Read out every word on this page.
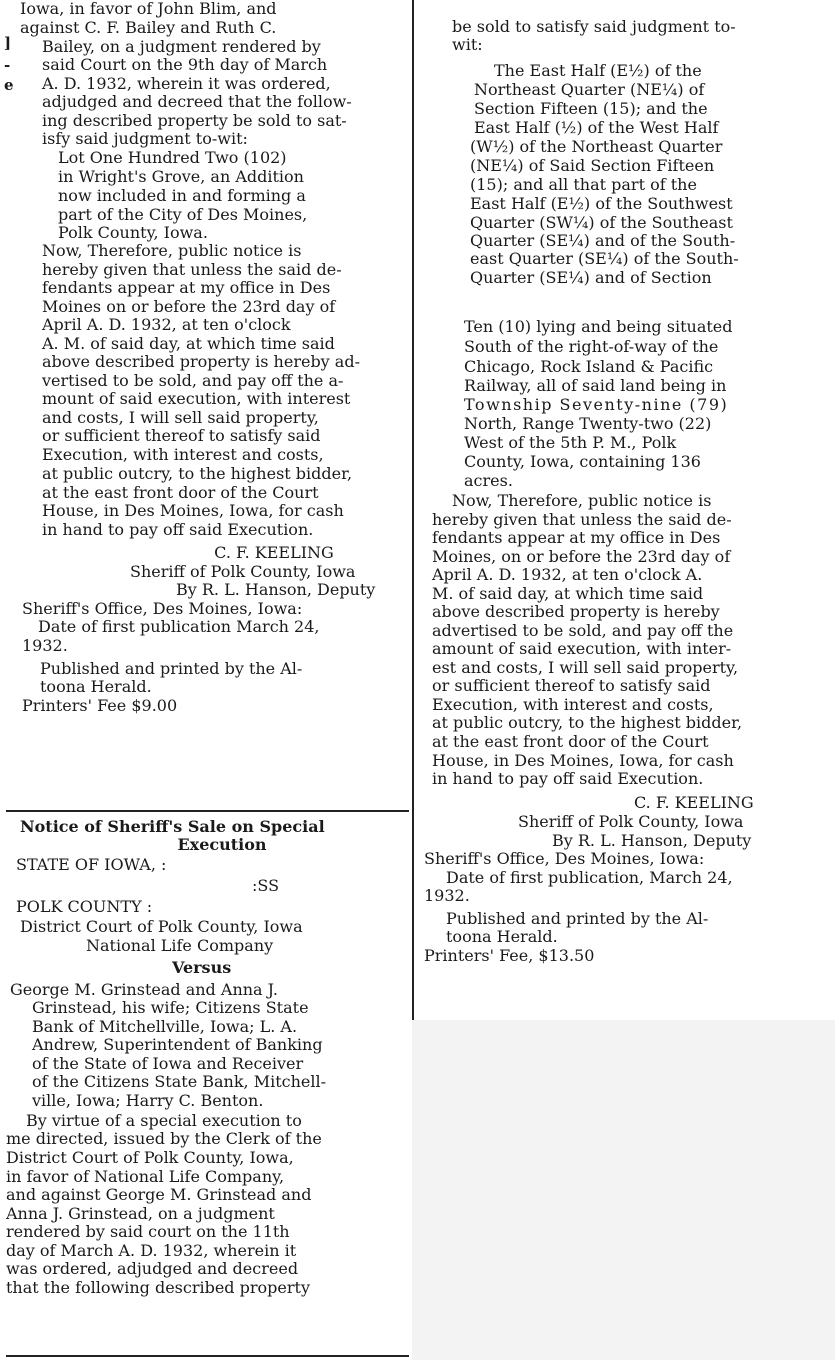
]
-
e
Iowa, in favor of John Blim, and
against C. F. Bailey and Ruth C.
Bailey, on a judgment rendered by
said Court on the 9th day of March
A. D. 1932, wherein it was ordered,
adjudged and decreed that the follow-
ing described property be sold to sat-
isfy said judgment to-wit:
Lot One Hundred Two (102)
in Wright's Grove, an Addition
now included in and forming a
part of the City of Des Moines,
Polk County, Iowa.
Now, Therefore, public notice is
hereby given that unless the said de-
fendants appear at my office in Des
Moines on or before the 23rd day of
April A. D. 1932, at ten o'clock
A. M. of said day, at which time said
above described property is hereby ad-
vertised to be sold, and pay off the a-
mount of said execution, with interest
and costs, I will sell said property,
or sufficient thereof to satisfy said
Execution, with interest and costs,
at public outcry, to the highest bidder,
at the east front door of the Court
House, in Des Moines, Iowa, for cash
in hand to pay off said Execution.
C. F. KEELING
Sheriff of Polk County, Iowa
By R. L. Hanson, Deputy
Sheriff's Office, Des Moines, Iowa:
Date of first publication March 24,
1932.
Published and printed by the Al-
toona Herald.
Printers' Fee $9.00
Notice of Sheriff's Sale on Special
Execution
STATE OF IOWA, :
:SS
POLK COUNTY :
District Court of Polk County, Iowa
National Life Company
Versus
George M. Grinstead and Anna J.
Grinstead, his wife; Citizens State
Bank of Mitchellville, Iowa; L. A.
Andrew, Superintendent of Banking
of the State of Iowa and Receiver
of the Citizens State Bank, Mitchell-
ville, Iowa; Harry C. Benton.
By virtue of a special execution to
me directed, issued by the Clerk of the
District Court of Polk County, Iowa,
in favor of National Life Company,
and against George M. Grinstead and
Anna J. Grinstead, on a judgment
rendered by said court on the 11th
day of March A. D. 1932, wherein it
was ordered, adjudged and decreed
that the following described property
be sold to satisfy said judgment to-
wit:
The East Half (E½) of the
Northeast Quarter (NE¼) of
Section Fifteen (15); and the
East Half (½) of the West Half
(W½) of the Northeast Quarter
(NE¼) of Said Section Fifteen
(15); and all that part of the
East Half (E½) of the Southwest
Quarter (SW¼) of the Southeast
Quarter (SE¼) and of the South-
east Quarter (SE¼) of the South-
Quarter (SE¼) and of Section
Ten (10) lying and being situated
South of the right-of-way of the
Chicago, Rock Island & Pacific
Railway, all of said land being in
Township Seventy-nine (79)
North, Range Twenty-two (22)
West of the 5th P. M., Polk
County, Iowa, containing 136
acres.
Now, Therefore, public notice is
hereby given that unless the said de-
fendants appear at my office in Des
Moines, on or before the 23rd day of
April A. D. 1932, at ten o'clock A.
M. of said day, at which time said
above described property is hereby
advertised to be sold, and pay off the
amount of said execution, with inter-
est and costs, I will sell said property,
or sufficient thereof to satisfy said
Execution, with interest and costs,
at public outcry, to the highest bidder,
at the east front door of the Court
House, in Des Moines, Iowa, for cash
in hand to pay off said Execution.
C. F. KEELING
Sheriff of Polk County, Iowa
By R. L. Hanson, Deputy
Sheriff's Office, Des Moines, Iowa:
Date of first publication, March 24,
1932.
Published and printed by the Al-
toona Herald.
Printers' Fee, $13.50
